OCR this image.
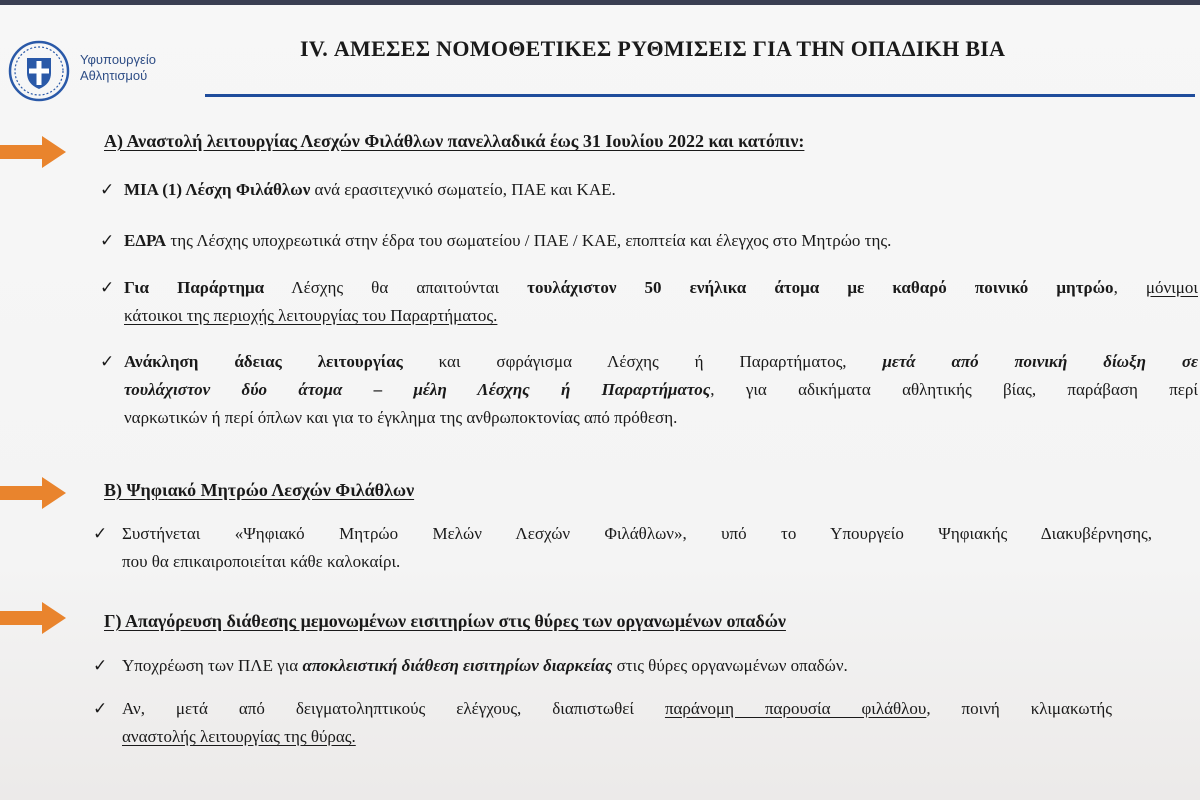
Υφυπουργείο
Αθλητισμού
IV. ΑΜΕΣΕΣ ΝΟΜΟΘΕΤΙΚΕΣ ΡΥΘΜΙΣΕΙΣ ΓΙΑ ΤΗΝ ΟΠΑΔΙΚΗ ΒΙΑ
Α) Αναστολή λειτουργίας Λεσχών Φιλάθλων πανελλαδικά έως 31 Ιουλίου 2022 και κατόπιν:
✓ ΜΙΑ (1) Λέσχη Φιλάθλων ανά ερασιτεχνικό σωματείο, ΠΑΕ και ΚΑΕ.
✓ ΕΔΡΑ της Λέσχης υποχρεωτικά στην έδρα του σωματείου / ΠΑΕ / ΚΑΕ, εποπτεία και έλεγχος στο Μητρώο της.
✓ Για Παράρτημα Λέσχης θα απαιτούνται τουλάχιστον 50 ενήλικα άτομα με καθαρό ποινικό μητρώο, μόνιμοι
κάτοικοι της περιοχής λειτουργίας του Παραρτήματος.
✓ Ανάκληση άδειας λειτουργίας και σφράγισμα Λέσχης ή Παραρτήματος, μετά από ποινική δίωξη σε
τουλάχιστον δύο άτομα – μέλη Λέσχης ή Παραρτήματος, για αδικήματα αθλητικής βίας, παράβαση περί
ναρκωτικών ή περί όπλων και για το έγκλημα της ανθρωποκτονίας από πρόθεση.
Β) Ψηφιακό Μητρώο Λεσχών Φιλάθλων
✓ Συστήνεται «Ψηφιακό Μητρώο Μελών Λεσχών Φιλάθλων», υπό το Υπουργείο Ψηφιακής Διακυβέρνησης,
που θα επικαιροποιείται κάθε καλοκαίρι.
Γ) Απαγόρευση διάθεσης μεμονωμένων εισιτηρίων στις θύρες των οργανωμένων οπαδών
✓ Υποχρέωση των ΠΛΕ για αποκλειστική διάθεση εισιτηρίων διαρκείας στις θύρες οργανωμένων οπαδών.
✓ Αν, μετά από δειγματοληπτικούς ελέγχους, διαπιστωθεί παράνομη παρουσία φιλάθλου, ποινή κλιμακωτής
αναστολής λειτουργίας της θύρας.
